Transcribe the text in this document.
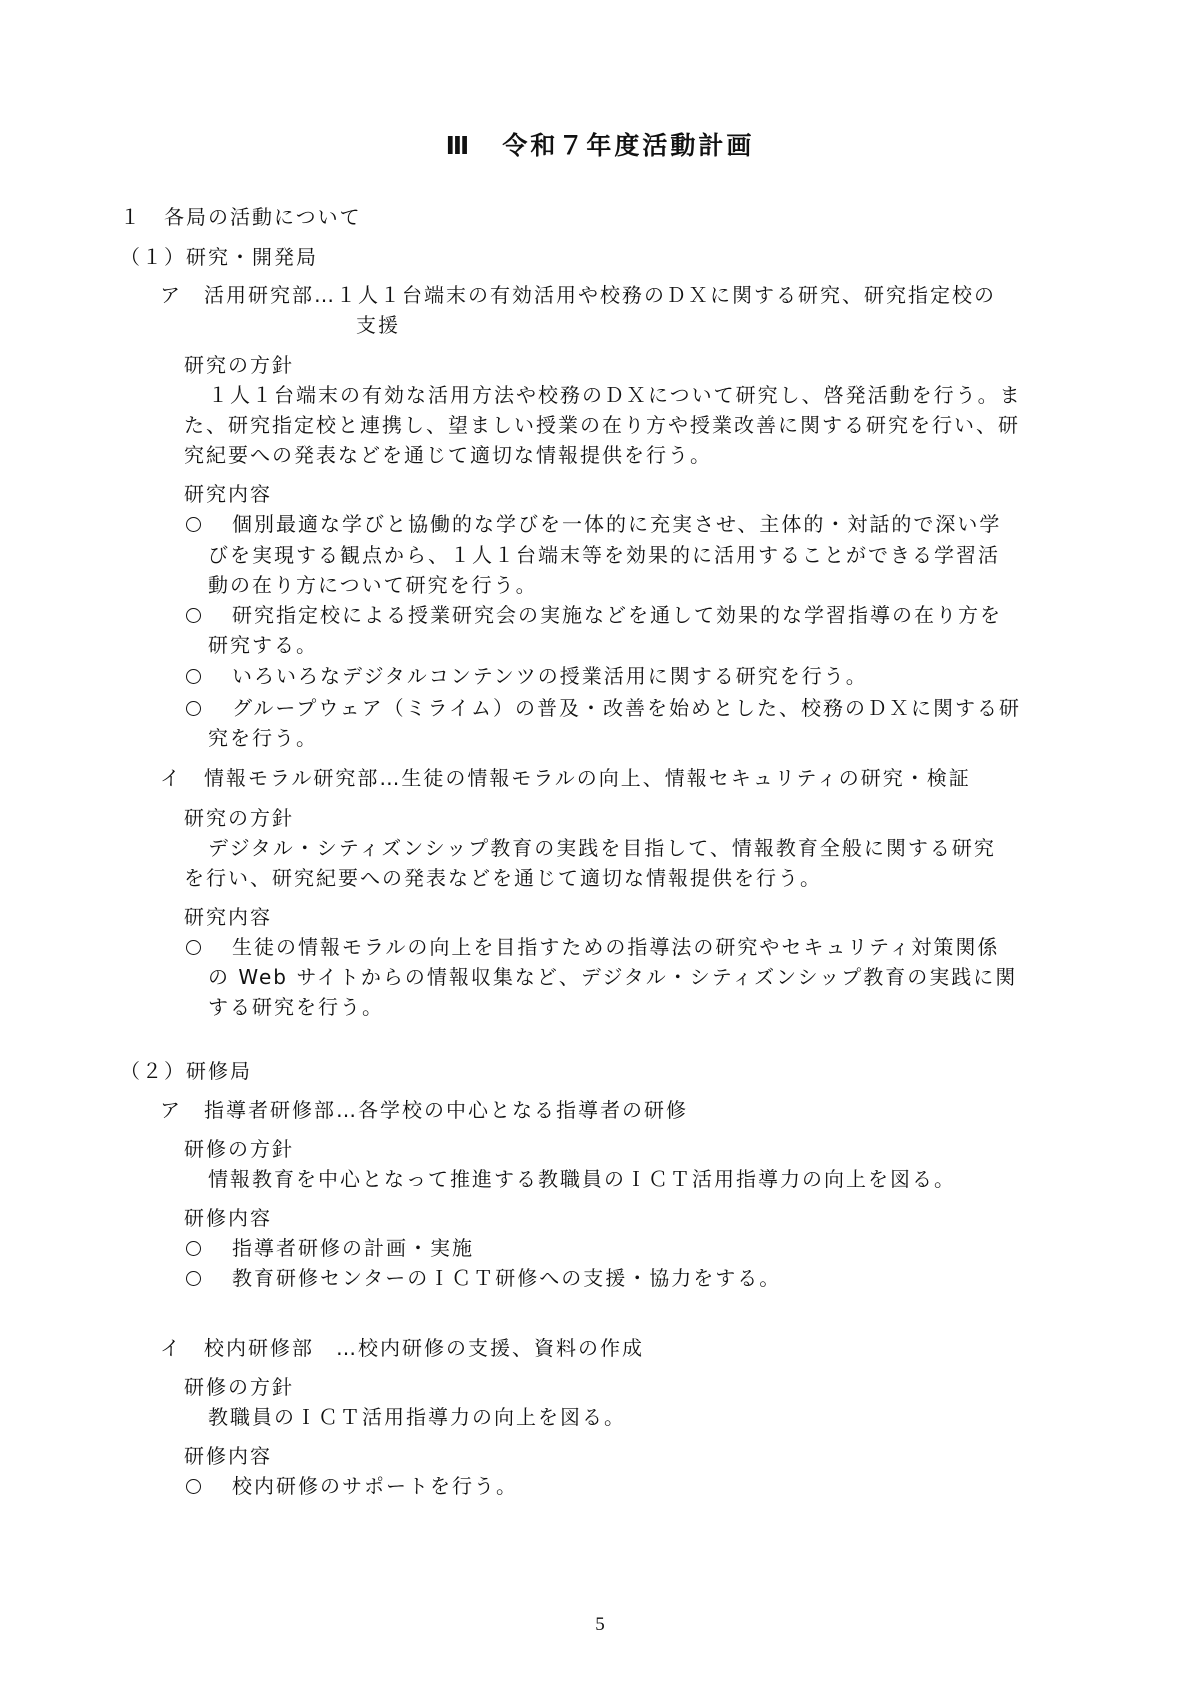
Ⅲ 令和７年度活動計画
１　各局の活動について
（１）研究・開発局
ア　活用研究部…１人１台端末の有効活用や校務のＤＸに関する研究、研究指定校の
支援
研究の方針
１人１台端末の有効な活用方法や校務のＤＸについて研究し、啓発活動を行う。ま
た、研究指定校と連携し、望ましい授業の在り方や授業改善に関する研究を行い、研
究紀要への発表などを通じて適切な情報提供を行う。
研究内容
個別最適な学びと協働的な学びを一体的に充実させ、主体的・対話的で深い学
びを実現する観点から、１人１台端末等を効果的に活用することができる学習活
動の在り方について研究を行う。
研究指定校による授業研究会の実施などを通して効果的な学習指導の在り方を
研究する。
いろいろなデジタルコンテンツの授業活用に関する研究を行う。
グループウェア（ミライム）の普及・改善を始めとした、校務のＤＸに関する研
究を行う。
イ　情報モラル研究部…生徒の情報モラルの向上、情報セキュリティの研究・検証
研究の方針
デジタル・シティズンシップ教育の実践を目指して、情報教育全般に関する研究
を行い、研究紀要への発表などを通じて適切な情報提供を行う。
研究内容
生徒の情報モラルの向上を目指すための指導法の研究やセキュリティ対策関係
の Web サイトからの情報収集など、デジタル・シティズンシップ教育の実践に関
する研究を行う。
（２）研修局
ア　指導者研修部…各学校の中心となる指導者の研修
研修の方針
情報教育を中心となって推進する教職員のＩＣＴ活用指導力の向上を図る。
研修内容
指導者研修の計画・実施
教育研修センターのＩＣＴ研修への支援・協力をする。
イ　校内研修部　…校内研修の支援、資料の作成
研修の方針
教職員のＩＣＴ活用指導力の向上を図る。
研修内容
校内研修のサポートを行う。
5
